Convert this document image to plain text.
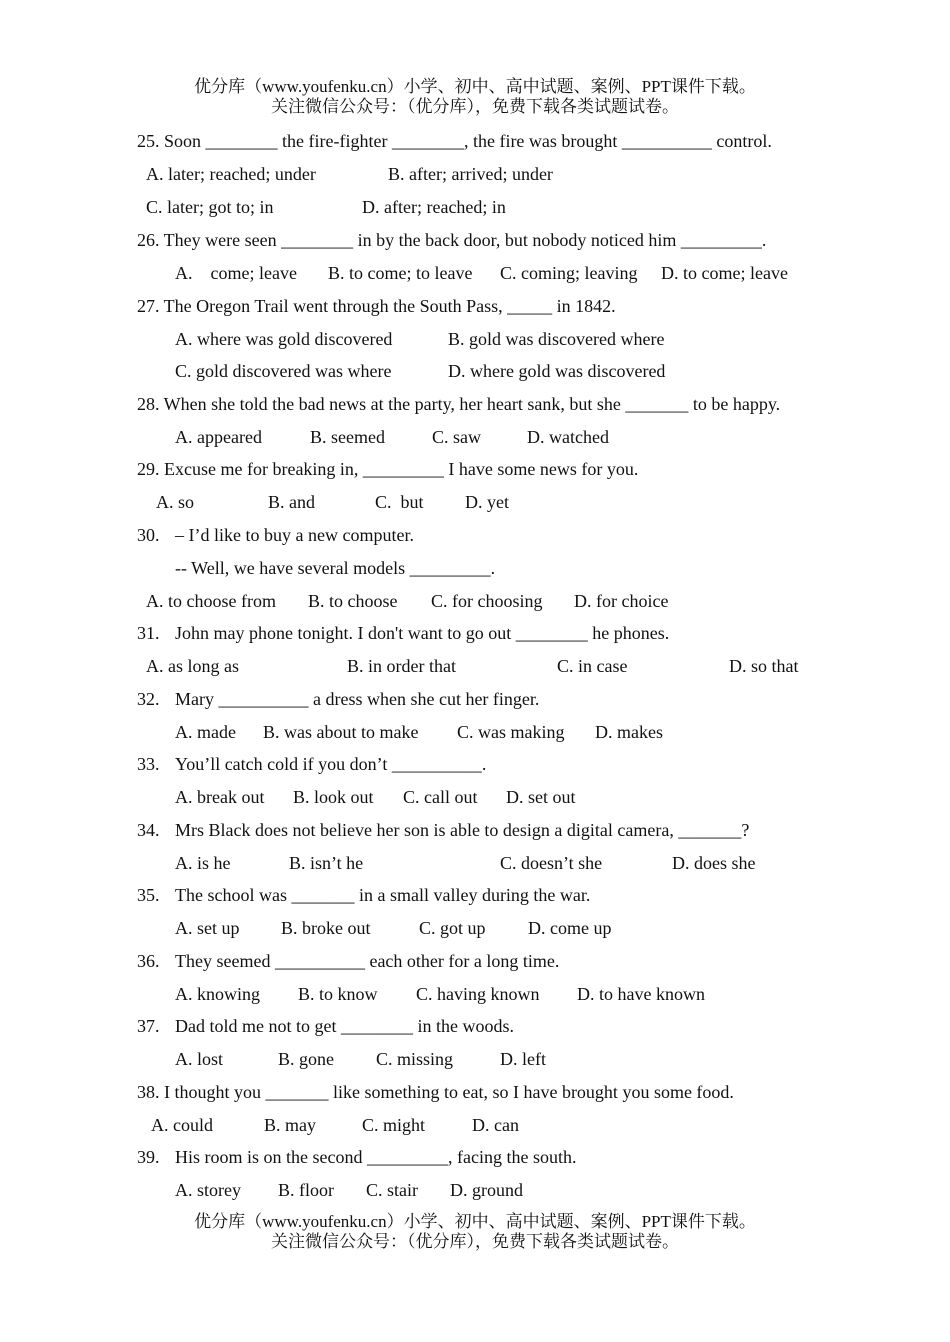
优分库（www.youfenku.cn）小学、初中、高中试题、案例、PPT课件下载。
关注微信公众号：（优分库），免费下载各类试题试卷。
25. Soon ________ the fire-fighter ________, the fire was brought __________ control.
A. later; reached; under	B. after; arrived; under
C. later; got to; in	D. after; reached; in
26. They were seen ________ in by the back door, but nobody noticed him _________.
A.    come; leave B. to come; to leave C. coming; leaving D. to come; leave
27. The Oregon Trail went through the South Pass, _____ in 1842.
A. where was gold discovered	B. gold was discovered where
C. gold discovered was where	D. where gold was discovered
28. When she told the bad news at the party, her heart sank, but she _______ to be happy.
A. appeared	B. seemed	C. saw	D. watched
29. Excuse me for breaking in, _________ I have some news for you.
A. so	B. and	C.  but D. yet
30. – I’d like to buy a new computer.
-- Well, we have several models _________.
A. to choose from B. to choose C. for choosing D. for choice
31. John may phone tonight. I don't want to go out ________ he phones.
A. as long as	B. in order that	C. in case	D. so that
32. Mary __________ a dress when she cut her finger.
A. made B. was about to make C. was making D. makes
33. You’ll catch cold if you don’t __________.
A. break out B. look out C. call out D. set out
34. Mrs Black does not believe her son is able to design a digital camera, _______?
A. is he	B. isn’t he	C. doesn’t she	D. does she
35. The school was _______ in a small valley during the war.
A. set up B. broke out	C. got up D. come up
36. They seemed __________ each other for a long time.
A. knowing B. to know C. having known D. to have known
37. Dad told me not to get ________ in the woods.
A. lost	B. gone C. missing	D. left
38. I thought you _______ like something to eat, so I have brought you some food.
A. could	B. may	C. might	D. can
39. His room is on the second _________, facing the south.
A. storey B. floor C. stair D. ground
优分库（www.youfenku.cn）小学、初中、高中试题、案例、PPT课件下载。
关注微信公众号：（优分库），免费下载各类试题试卷。
